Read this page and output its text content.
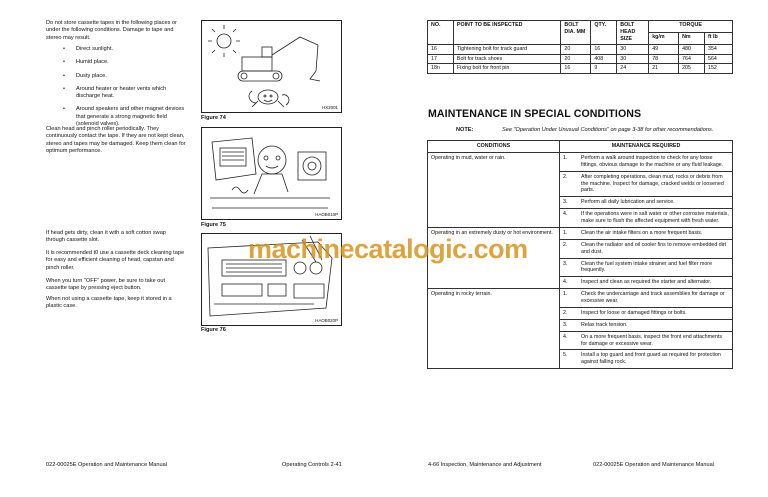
Do not store cassette tapes in the following places or under the following conditions. Damage to tape and stereo may result.
• Direct sunlight.
• Humid place.
• Dusty place.
• Around heater or heater vents which discharge heat.
• Around speakers and other magnet devices that generate a strong magnetic field (solenoid valves).
Clean head and pinch roller periodically. They continuously contact the tape. If they are not kept clean, stereo and tapes may be damaged. Keep them clean for optimum performance.
If head gets dirty, clean it with a soft cotton swap through cassette slot.
It is recommended t0 use a cassette deck cleaning tape for easy and efficient cleaning of head, capstan and pinch roller.
When you turn "OFF" power, be sure to take out cassette tape by pressing eject button.
When not using a cassette tape, keep it stored in a plastic case.
HX2001
Figure 74
HAOB010P
Figure 75
HAOB020P
Figure 76
NO.	POINT TO BE INSPECTED	BOLT DIA. MM	QTY.	BOLT HEAD SIZE	TORQUE		
					kg/m	Nm	ft lb
16	Tightening bolt for track guard	20	16	30	49	480	354
17	Bolt for track shoes	20	408	30	78	764	564
18n	Fixing bolt for front pin	16	9	24	21	205	152
MAINTENANCE IN SPECIAL CONDITIONS
NOTE:	See "Operation Under Unusual Conditions" on page 3-38 for other recommendations.
CONDITIONS	MAINTENANCE REQUIRED	
Operating in mud, water or rain.	1.	Perform a walk around inspection to check for any loose fittings, obvious damage to the machine or any fluid leakage.
	2.	After completing operations, clean mud, rocks or debris from the machine. Inspect for damage, cracked welds or loosened parts.
	3.	Perform all daily lubrication and service.
	4.	If the operations were in salt water or other corrosive materials, make sure to flush the affected equipment with fresh water.
Operating in an extremely dusty or hot environment.	1.	Clean the air intake filters on a more frequent basis.
	2.	Clean the radiator and oil cooler fins to remove embedded dirt and dust.
	3.	Clean the fuel system intake strainer and fuel filter more frequently.
	4.	Inspect and clean as required the starter and alternator.
Operating in rocky terrain.	1.	Check the undercarriage and track assemblies for damage or excessive wear.
	2.	Inspect for loose or damaged fittings or bolts.
	3.	Relax track tension.
	4.	On a more frequent basis, inspect the front end attachments for damage or excessive wear.
	5.	Install a top guard and front guard as required for protection against falling rock.
machinecatalogic.com
022-00025E Operation and Maintenance Manual	Operating Controls 2-41	4-66 Inspection, Maintenance and Adjustment	022-00025E Operation and Maintenance Manual
